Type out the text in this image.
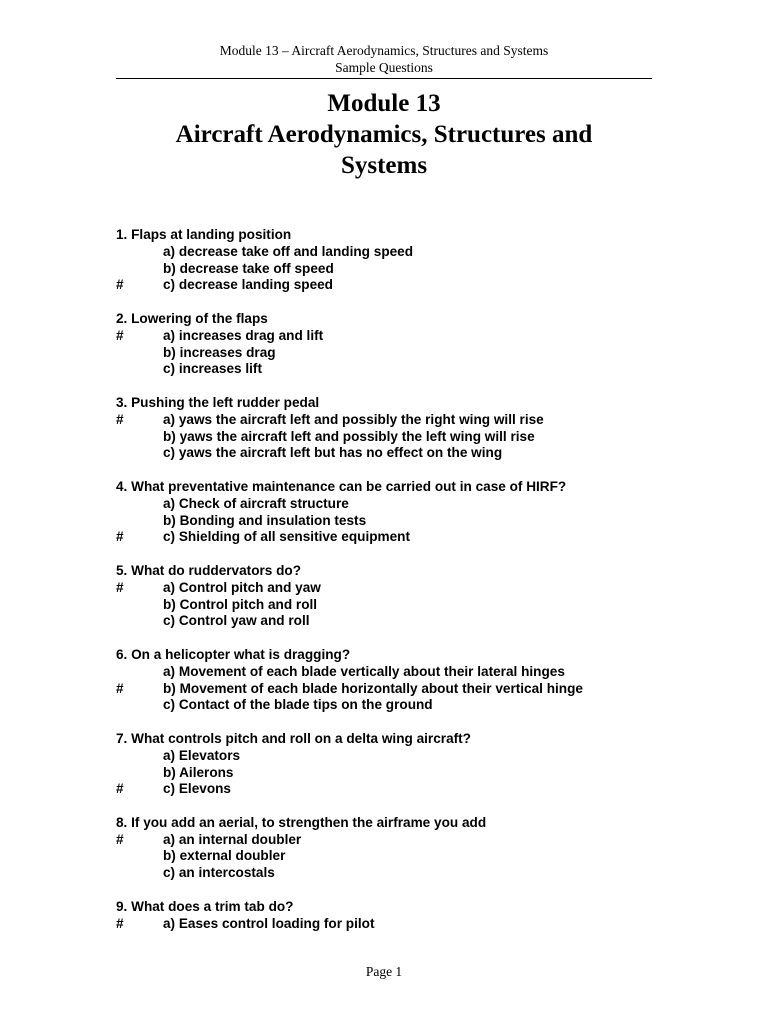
Module 13 – Aircraft Aerodynamics, Structures and Systems
Sample Questions
Module 13
Aircraft Aerodynamics, Structures and
Systems
1. Flaps at landing position
a) decrease take off and landing speed
b) decrease take off speed
#	c) decrease landing speed
2. Lowering of the flaps
#	a) increases drag and lift
b) increases drag
c) increases lift
3. Pushing the left rudder pedal
#	a) yaws the aircraft left and possibly the right wing will rise
b) yaws the aircraft left and possibly the left wing will rise
c) yaws the aircraft left but has no effect on the wing
4. What preventative maintenance can be carried out in case of HIRF?
a) Check of aircraft structure
b) Bonding and insulation tests
#	c) Shielding of all sensitive equipment
5. What do ruddervators do?
#	a) Control pitch and yaw
b) Control pitch and roll
c) Control yaw and roll
6. On a helicopter what is dragging?
a) Movement of each blade vertically about their lateral hinges
#	b) Movement of each blade horizontally about their vertical hinge
c) Contact of the blade tips on the ground
7. What controls pitch and roll on a delta wing aircraft?
a) Elevators
b) Ailerons
#	c) Elevons
8. If you add an aerial, to strengthen the airframe you add
#	a) an internal doubler
b) external doubler
c) an intercostals
9. What does a trim tab do?
#	a) Eases control loading for pilot
Page 1
